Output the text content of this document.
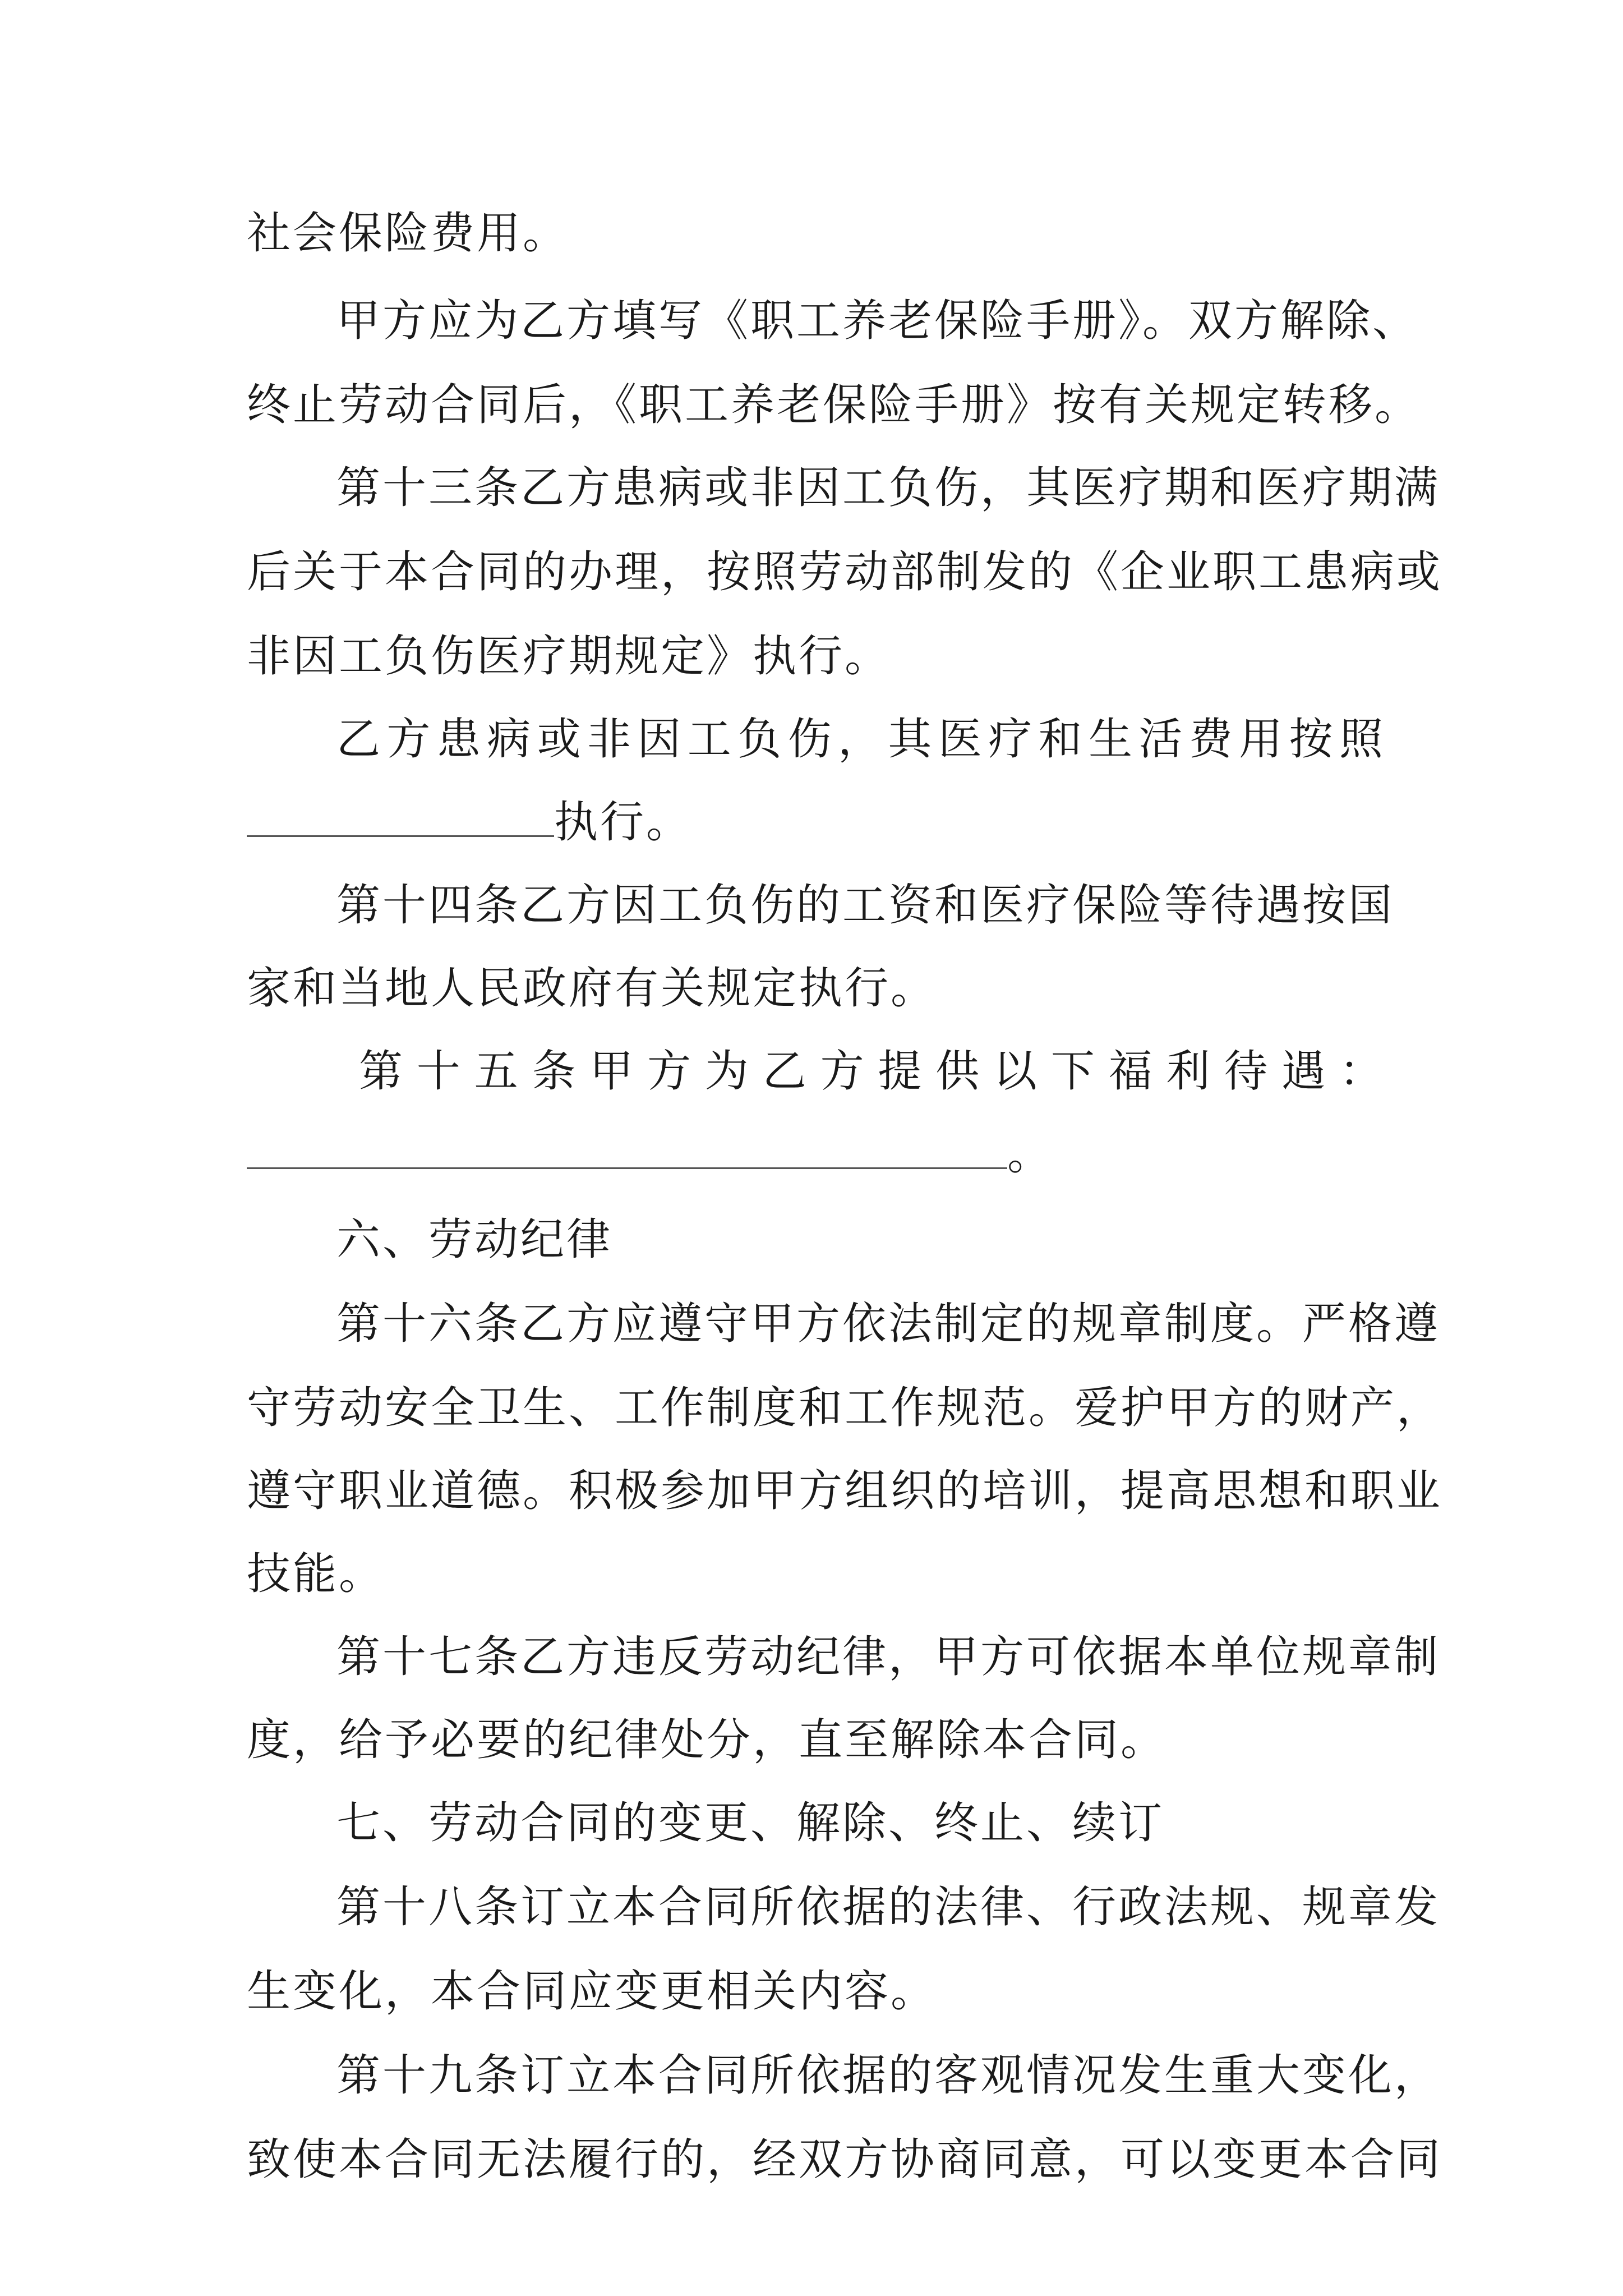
社会保险费用。
甲方应为乙方填写《职工养老保险手册》。双方解除、
终止劳动合同后，《职工养老保险手册》按有关规定转移。
第十三条乙方患病或非因工负伤，其医疗期和医疗期满
后关于本合同的办理，按照劳动部制发的《企业职工患病或
非因工负伤医疗期规定》执行。
乙方患病或非因工负伤，其医疗和生活费用按照
执行。
第十四条乙方因工负伤的工资和医疗保险等待遇按国
家和当地人民政府有关规定执行。
第十五条甲方为乙方提供以下福利待遇：
。
六、劳动纪律
第十六条乙方应遵守甲方依法制定的规章制度。严格遵
守劳动安全卫生、工作制度和工作规范。爱护甲方的财产，
遵守职业道德。积极参加甲方组织的培训，提高思想和职业
技能。
第十七条乙方违反劳动纪律，甲方可依据本单位规章制
度，给予必要的纪律处分，直至解除本合同。
七、劳动合同的变更、解除、终止、续订
第十八条订立本合同所依据的法律、行政法规、规章发
生变化，本合同应变更相关内容。
第十九条订立本合同所依据的客观情况发生重大变化，
致使本合同无法履行的，经双方协商同意，可以变更本合同
